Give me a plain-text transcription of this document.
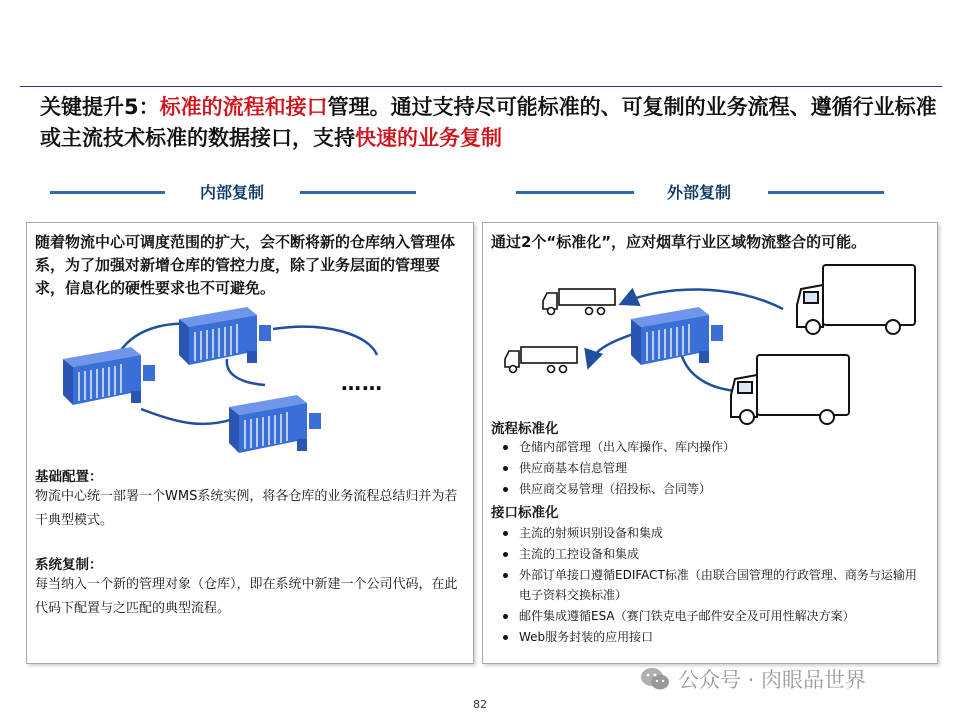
关键提升5：标准的流程和接口管理。通过支持尽可能标准的、可复制的业务流程、遵循行业标准或主流技术标准的数据接口，支持快速的业务复制
内部复制	外部复制
随着物流中心可调度范围的扩大，会不断将新的仓库纳入管理体系，为了加强对新增仓库的管控力度，除了业务层面的管理要求，信息化的硬性要求也不可避免。
……
基础配置：
物流中心统一部署一个WMS系统实例，将各仓库的业务流程总结归并为若干典型模式。
系统复制：
每当纳入一个新的管理对象（仓库），即在系统中新建一个公司代码，在此代码下配置与之匹配的典型流程。
通过2个“标准化”，应对烟草行业区域物流整合的可能。
流程标准化
仓储内部管理（出入库操作、库内操作）
供应商基本信息管理
供应商交易管理（招投标、合同等）
接口标准化
主流的射频识别设备和集成
主流的工控设备和集成
外部订单接口遵循EDIFACT标准（由联合国管理的行政管理、商务与运输用电子资料交换标准）
邮件集成遵循ESA（赛门铁克电子邮件安全及可用性解决方案）
Web服务封装的应用接口
公众号 · 肉眼品世界
82
